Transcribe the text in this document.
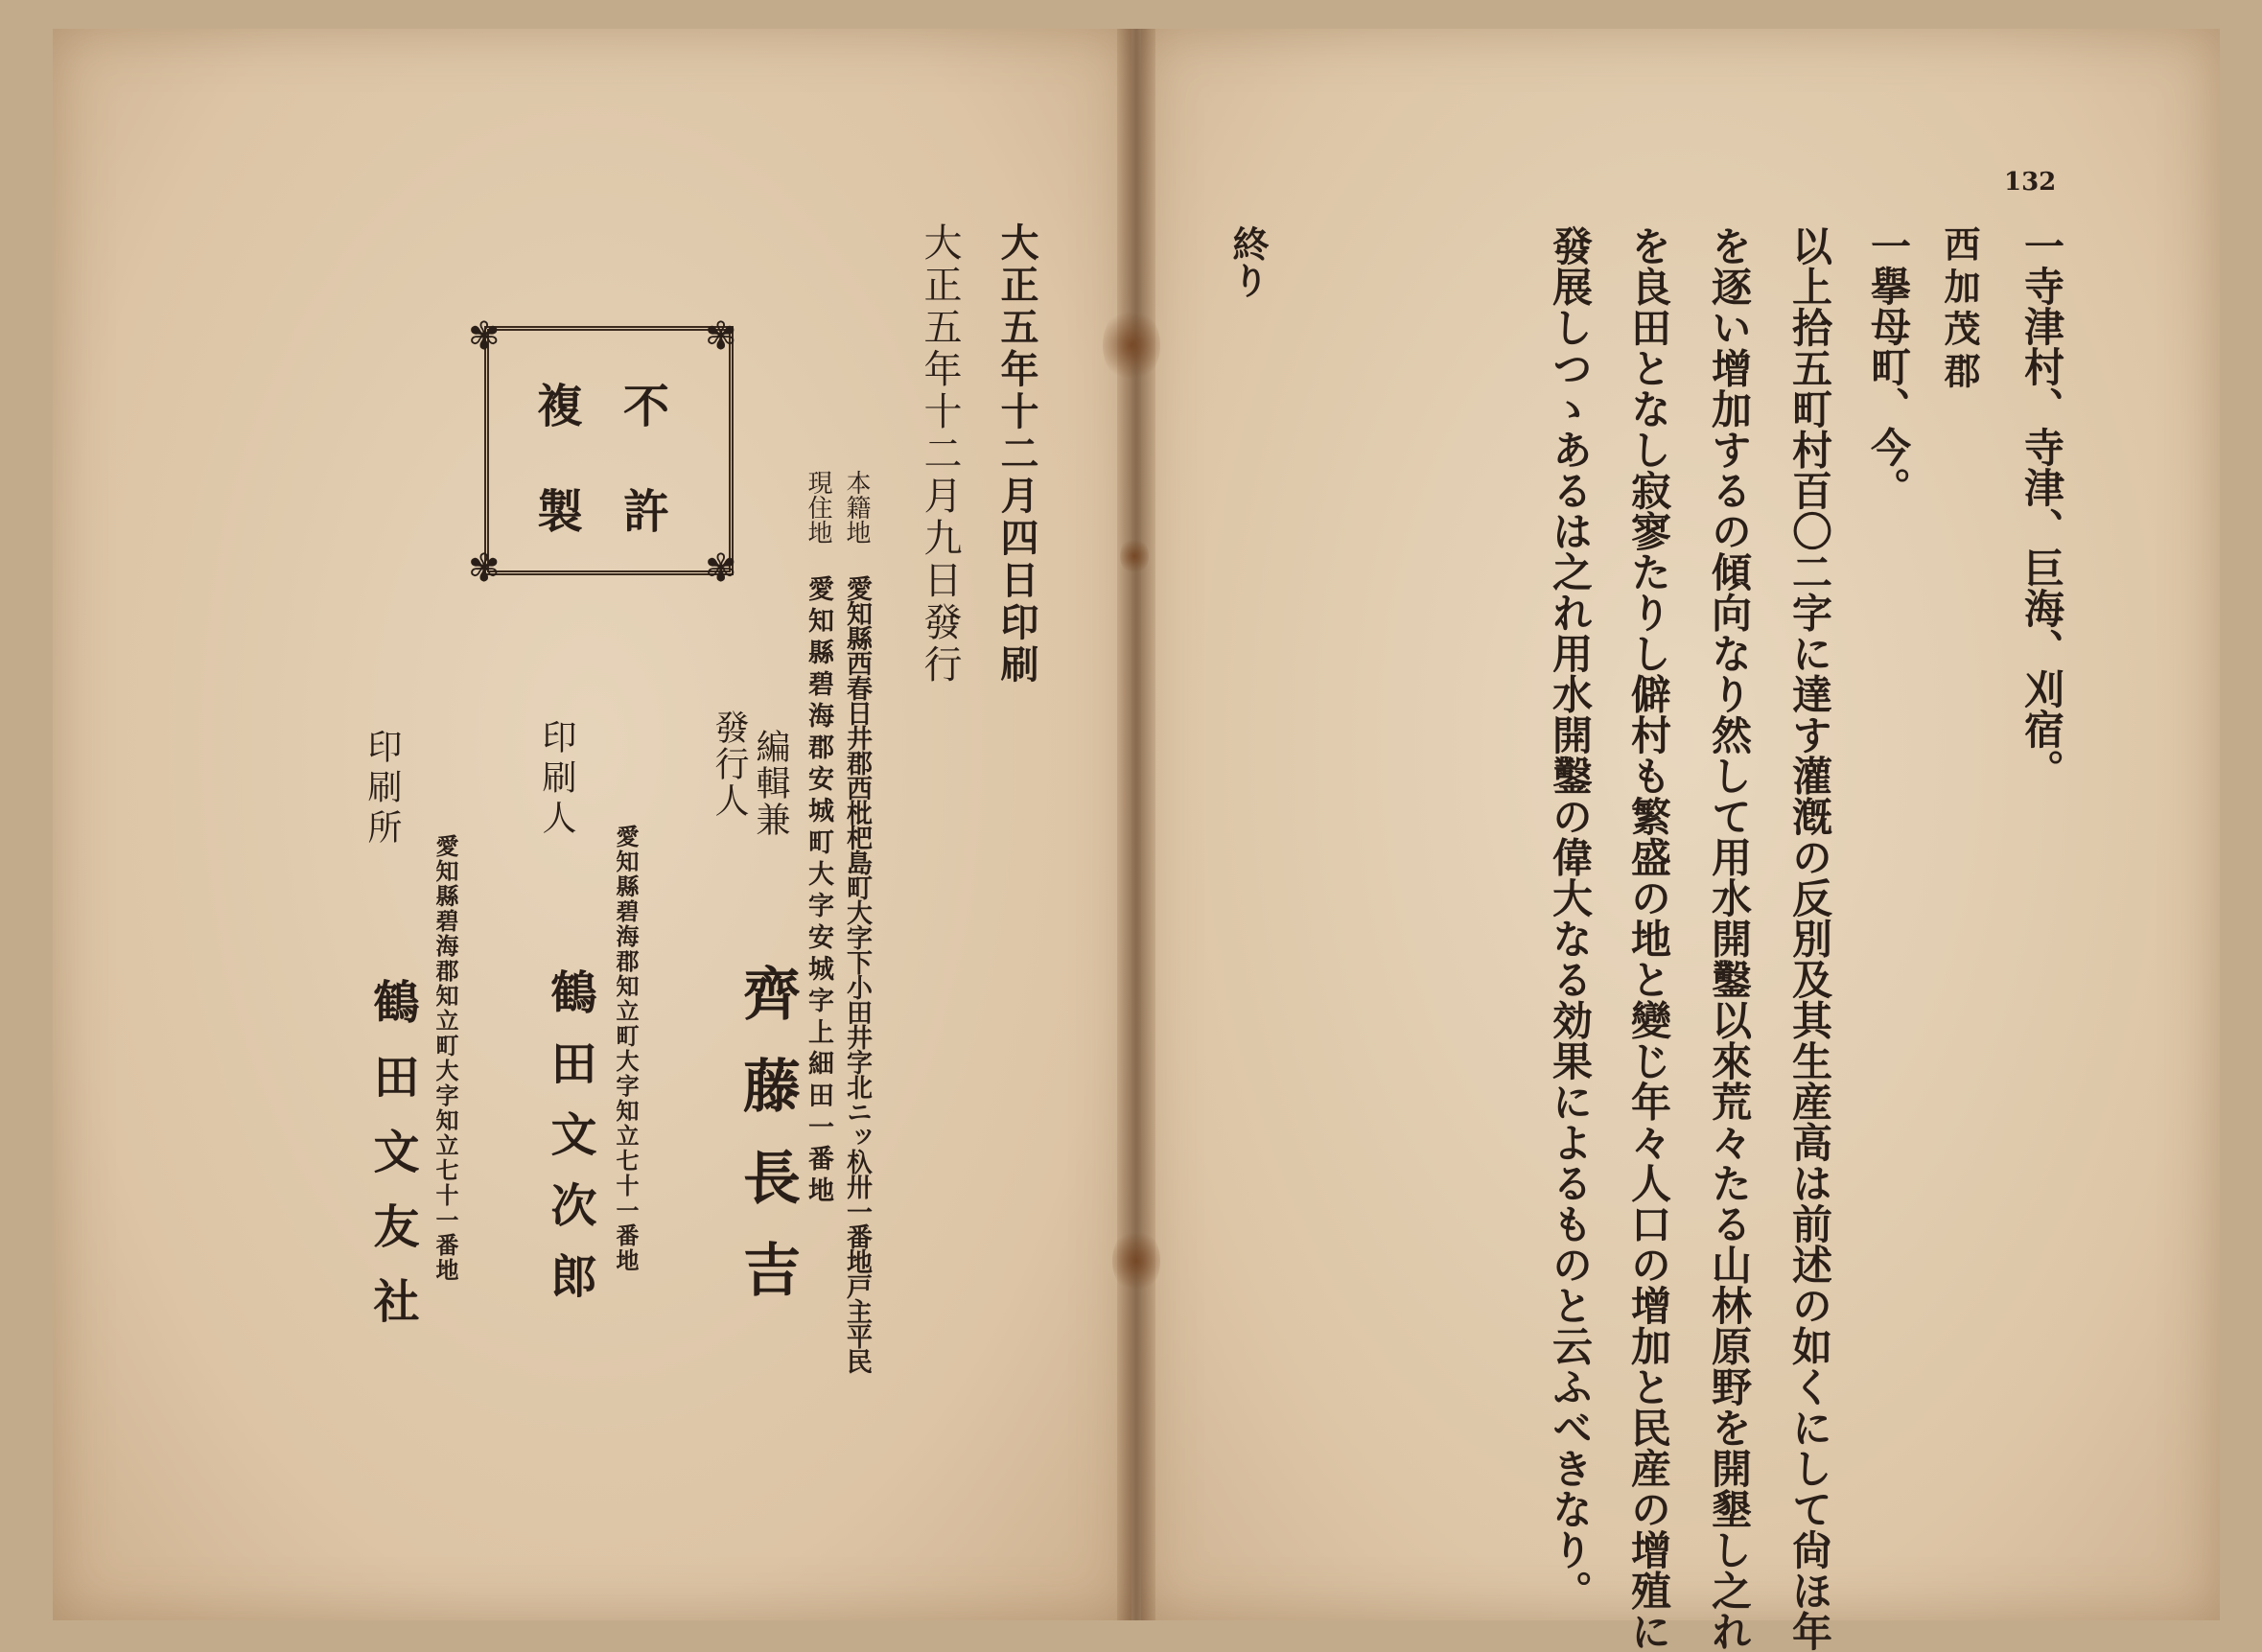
132
一寺津村、寺津、巨海、刈宿。
西加茂郡
一擧母町、今。
以上拾五町村百〇二字に達す灌漑の反別及其生産高は前述の如くにして尙ほ年
を逐い增加するの傾向なり然して用水開鑿以來荒々たる山林原野を開墾し之れ
を良田となし寂寥たりし僻村も繁盛の地と變じ年々人口の增加と民産の增殖に
發展しつゝあるは之れ用水開鑿の偉大なる効果によるものと云ふべきなり。
終り
不
許
複
製
✾	✾
✾	✾	大正五年十二月四日印刷
大正五年十二月九日發行
本籍地
愛知縣西春日井郡西枇杷島町大字下小田井字北ニッ杁卅一番地戸主平民
現住地
愛知縣碧海郡安城町大字安城字上細田一番地
編輯兼
發行人
齊藤長吉
愛知縣碧海郡知立町大字知立七十一番地
印刷人
鶴田文次郎
愛知縣碧海郡知立町大字知立七十一番地
印刷所
鶴田文友社
